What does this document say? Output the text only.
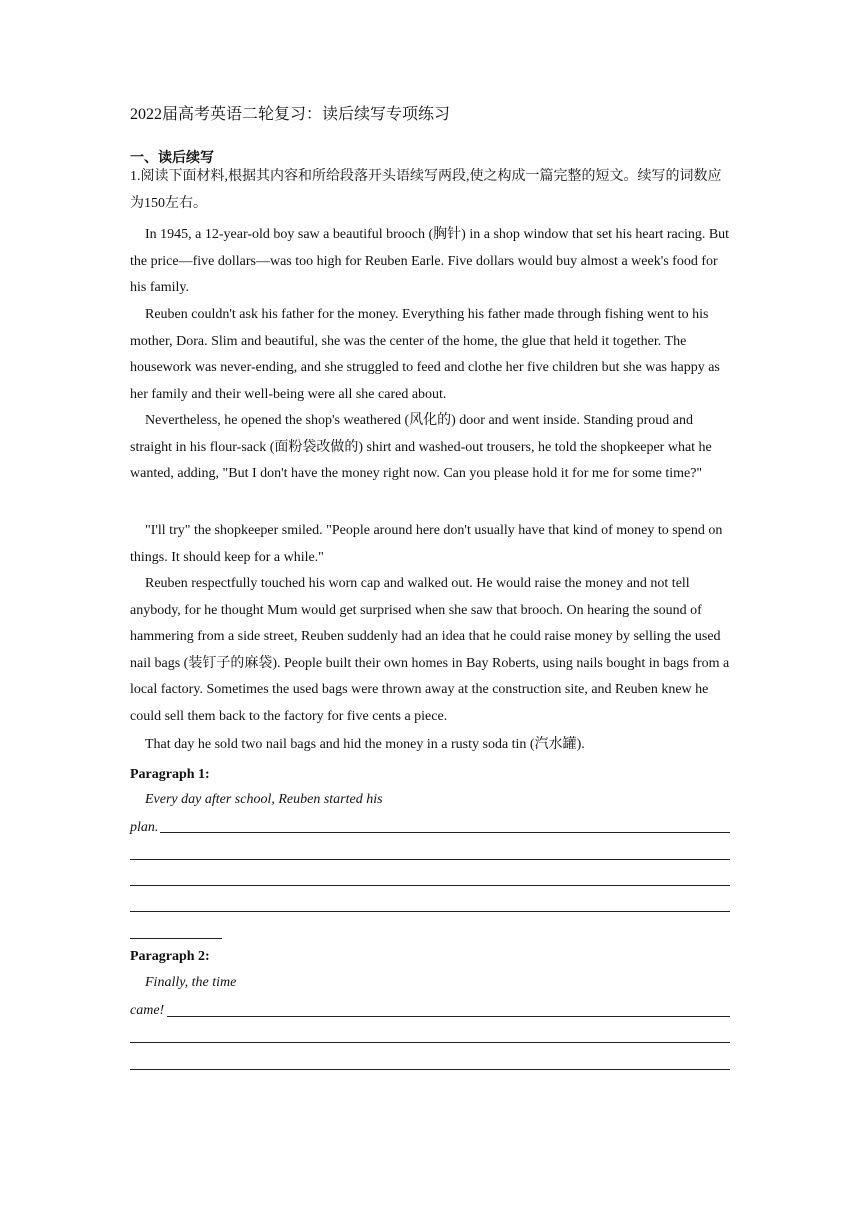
2022届高考英语二轮复习：读后续写专项练习
一、读后续写

1.阅读下面材料,根据其内容和所给段落开头语续写两段,使之构成一篇完整的短文。续写的词数应为150左右。

In 1945, a 12-year-old boy saw a beautiful brooch (胸针) in a shop window that set his heart racing. But the price—five dollars—was too high for Reuben Earle. Five dollars would buy almost a week's food for his family.

Reuben couldn't ask his father for the money. Everything his father made through fishing went to his mother, Dora. Slim and beautiful, she was the center of the home, the glue that held it together. The housework was never-ending, and she struggled to feed and clothe her five children but she was happy as her family and their well-being were all she cared about.

Nevertheless, he opened the shop's weathered (风化的) door and went inside. Standing proud and straight in his flour-sack (面粉袋改做的) shirt and washed-out trousers, he told the shopkeeper what he wanted, adding, "But I don't have the money right now. Can you please hold it for me for some time?"

"I'll try" the shopkeeper smiled. "People around here don't usually have that kind of money to spend on things. It should keep for a while."

Reuben respectfully touched his worn cap and walked out. He would raise the money and not tell anybody, for he thought Mum would get surprised when she saw that brooch. On hearing the sound of hammering from a side street, Reuben suddenly had an idea that he could raise money by selling the used nail bags (装钉子的麻袋). People built their own homes in Bay Roberts, using nails bought in bags from a local factory. Sometimes the used bags were thrown away at the construction site, and Reuben knew he could sell them back to the factory for five cents a piece.

That day he sold two nail bags and hid the money in a rusty soda tin (汽水罐).

Paragraph 1:
Every day after school, Reuben started his
plan.
Paragraph 2:
Finally, the time
came!
